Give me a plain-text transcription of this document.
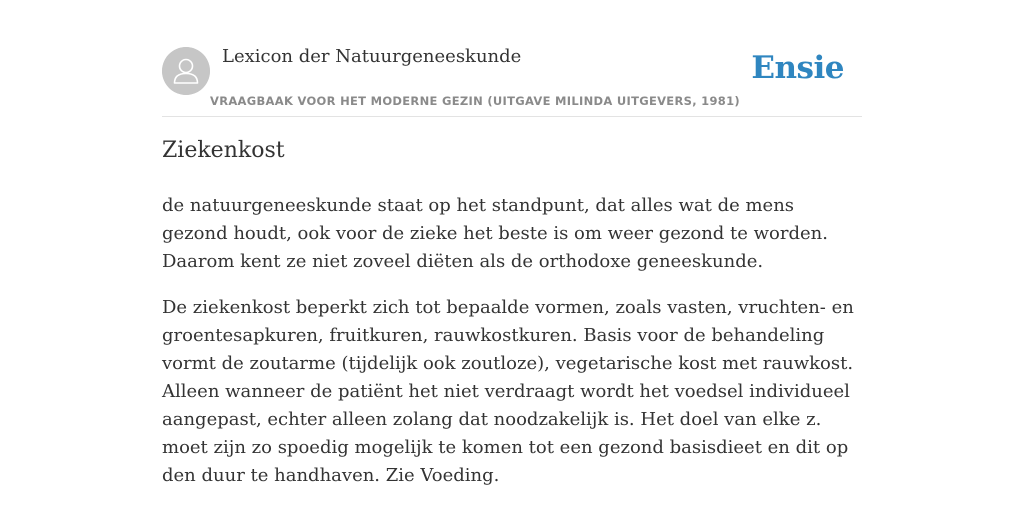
Lexicon der Natuurgeneeskunde
VRAAGBAAK VOOR HET MODERNE GEZIN (UITGAVE MILINDA UITGEVERS, 1981)
Ensie
Ziekenkost

de natuurgeneeskunde staat op het standpunt, dat alles wat de mens gezond houdt, ook voor de zieke het beste is om weer gezond te worden. Daarom kent ze niet zoveel diëten als de orthodoxe geneeskunde.

De ziekenkost beperkt zich tot bepaalde vormen, zoals vasten, vruchten- en groentesapkuren, fruitkuren, rauwkostkuren. Basis voor de behandeling vormt de zoutarme (tijdelijk ook zoutloze), vegetarische kost met rauwkost. Alleen wanneer de patiënt het niet verdraagt wordt het voedsel individueel aangepast, echter alleen zolang dat noodzakelijk is. Het doel van elke z. moet zijn zo spoedig mogelijk te komen tot een gezond basisdieet en dit op den duur te handhaven. Zie Voeding.
